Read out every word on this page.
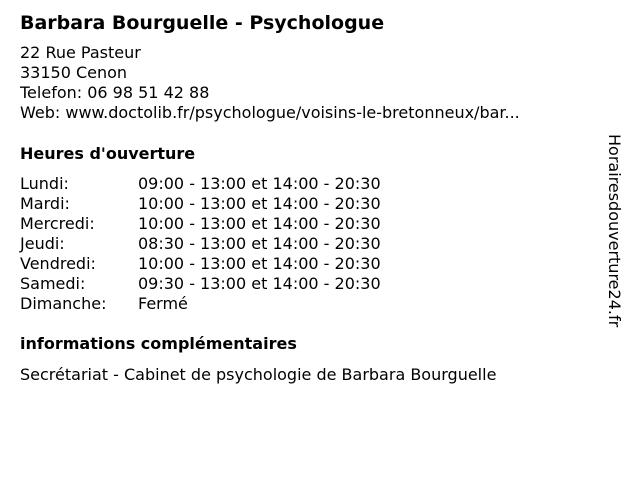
Barbara Bourguelle - Psychologue
22 Rue Pasteur
33150 Cenon
Telefon: 06 98 51 42 88
Web: www.doctolib.fr/psychologue/voisins-le-bretonneux/bar...
Heures d'ouverture
Lundi:	09:00 - 13:00 et 14:00 - 20:30
Mardi:	10:00 - 13:00 et 14:00 - 20:30
Mercredi:	10:00 - 13:00 et 14:00 - 20:30
Jeudi:	08:30 - 13:00 et 14:00 - 20:30
Vendredi:	10:00 - 13:00 et 14:00 - 20:30
Samedi:	09:30 - 13:00 et 14:00 - 20:30
Dimanche:	Fermé
informations complémentaires
Secrétariat - Cabinet de psychologie de Barbara Bourguelle
Horairesdouverture24.fr
